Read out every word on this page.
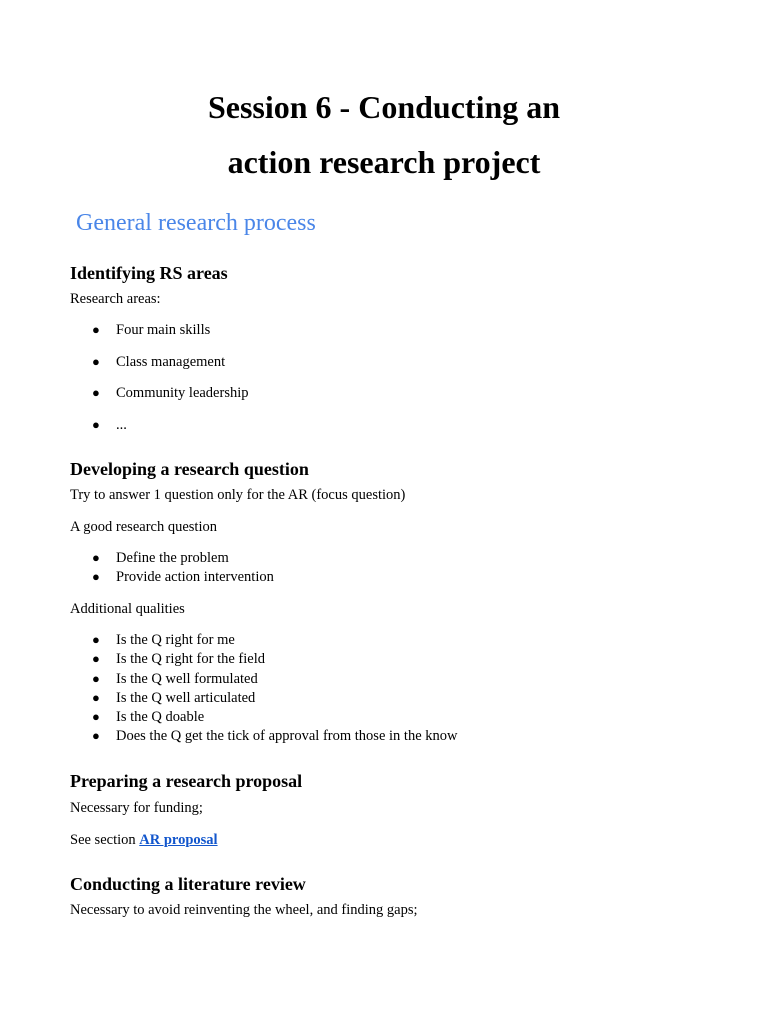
Session 6 - Conducting an
action research project
General research process
Identifying RS areas

Research areas:

● Four main skills
● Class management
● Community leadership
● ...
Developing a research question

Try to answer 1 question only for the AR (focus question)

A good research question

● Define the problem
● Provide action intervention

Additional qualities

● Is the Q right for me
● Is the Q right for the field
● Is the Q well formulated
● Is the Q well articulated
● Is the Q doable
● Does the Q get the tick of approval from those in the know
Preparing a research proposal

Necessary for funding;

See section AR proposal

Conducting a literature review

Necessary to avoid reinventing the wheel, and finding gaps;
